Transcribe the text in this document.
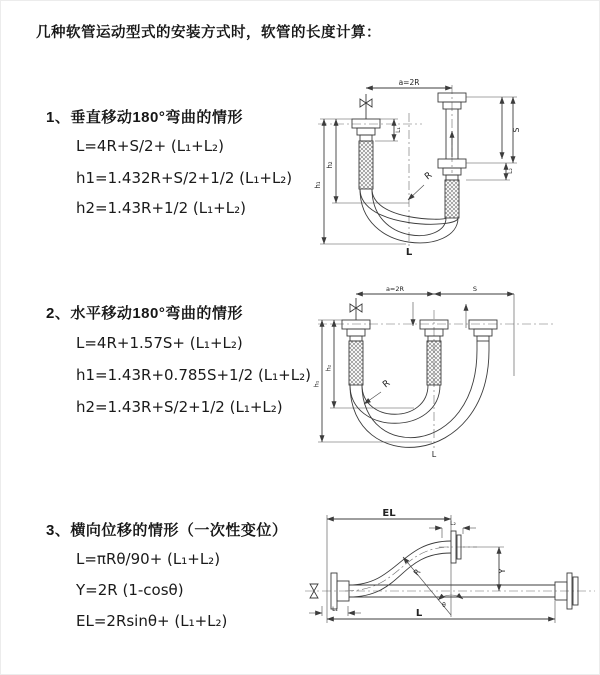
几种软管运动型式的安装方式时，软管的长度计算：
1、垂直移动180°弯曲的情形
L=4R+S/2+ (L₁+L₂)
h1=1.432R+S/2+1/2 (L₁+L₂)
h2=1.43R+1/2 (L₁+L₂)
a=2R
L₁	S
L₂
h₁
h₂
R
L
2、水平移动180°弯曲的情形
L=4R+1.57S+ (L₁+L₂)
h1=1.43R+0.785S+1/2 (L₁+L₂)
h2=1.43R+S/2+1/2 (L₁+L₂)
a=2R	S
h₁
h₂
R
L
3、横向位移的情形（一次性变位）
L=πRθ/90+ (L₁+L₂)
Y=2R (1-cosθ)
EL=2Rsinθ+ (L₁+L₂)
EL
L₂
Y
θ
R
L₁	L
